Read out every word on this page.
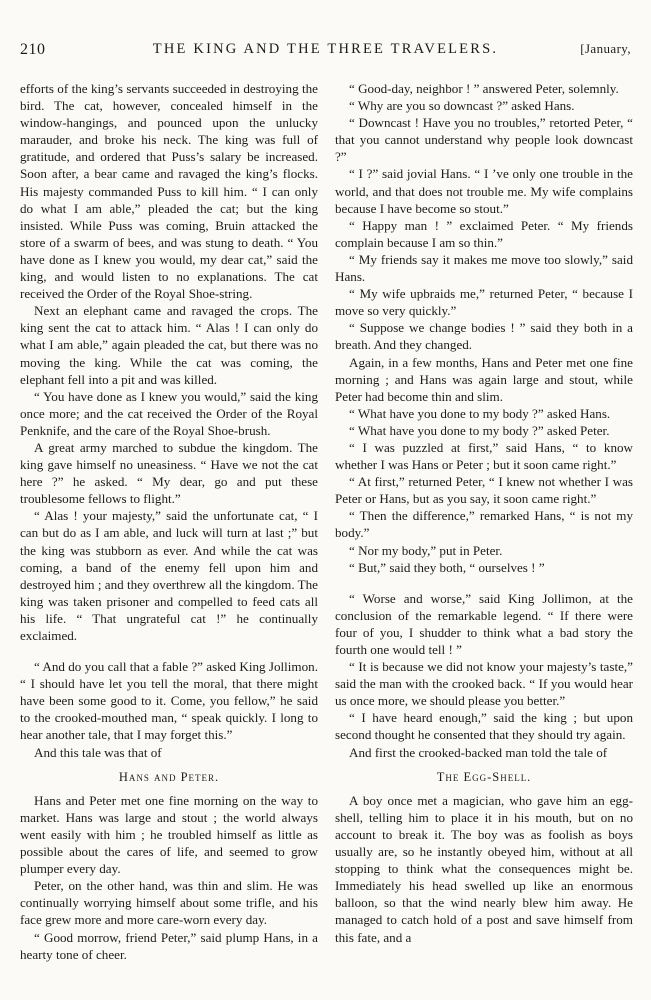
210	THE KING AND THE THREE TRAVELERS.	[January,

efforts of the king’s servants succeeded in destroying the bird. The cat, however, concealed himself in the window-hangings, and pounced upon the unlucky marauder, and broke his neck. The king was full of gratitude, and ordered that Puss’s salary be increased. Soon after, a bear came and ravaged the king’s flocks. His majesty commanded Puss to kill him. “ I can only do what I am able,” pleaded the cat; but the king insisted. While Puss was coming, Bruin attacked the store of a swarm of bees, and was stung to death. “ You have done as I knew you would, my dear cat,” said the king, and would listen to no explanations. The cat received the Order of the Royal Shoe-string.

Next an elephant came and ravaged the crops. The king sent the cat to attack him. “ Alas ! I can only do what I am able,” again pleaded the cat, but there was no moving the king. While the cat was coming, the elephant fell into a pit and was killed.

“ You have done as I knew you would,” said the king once more; and the cat received the Order of the Royal Penknife, and the care of the Royal Shoe-brush.

A great army marched to subdue the kingdom. The king gave himself no uneasiness. “ Have we not the cat here ?” he asked. “ My dear, go and put these troublesome fellows to flight.”

“ Alas ! your majesty,” said the unfortunate cat, “ I can but do as I am able, and luck will turn at last ;” but the king was stubborn as ever. And while the cat was coming, a band of the enemy fell upon him and destroyed him ; and they overthrew all the kingdom. The king was taken prisoner and compelled to feed cats all his life. “ That ungrateful cat !” he continually exclaimed.

“ And do you call that a fable ?” asked King Jollimon. “ I should have let you tell the moral, that there might have been some good to it. Come, you fellow,” he said to the crooked-mouthed man, “ speak quickly. I long to hear another tale, that I may forget this.”

And this tale was that of

Hans and Peter.

Hans and Peter met one fine morning on the way to market. Hans was large and stout ; the world always went easily with him ; he troubled himself as little as possible about the cares of life, and seemed to grow plumper every day.

Peter, on the other hand, was thin and slim. He was continually worrying himself about some trifle, and his face grew more and more care-worn every day.

“ Good morrow, friend Peter,” said plump Hans, in a hearty tone of cheer.

“ Good-day, neighbor ! ” answered Peter, solemnly.

“ Why are you so downcast ?” asked Hans.

“ Downcast ! Have you no troubles,” retorted Peter, “ that you cannot understand why people look downcast ?”

“ I ?” said jovial Hans. “ I ’ve only one trouble in the world, and that does not trouble me. My wife complains because I have become so stout.”

“ Happy man ! ” exclaimed Peter. “ My friends complain because I am so thin.”

“ My friends say it makes me move too slowly,” said Hans.

“ My wife upbraids me,” returned Peter, “ because I move so very quickly.”

“ Suppose we change bodies ! ” said they both in a breath. And they changed.

Again, in a few months, Hans and Peter met one fine morning ; and Hans was again large and stout, while Peter had become thin and slim.

“ What have you done to my body ?” asked Hans.

“ What have you done to my body ?” asked Peter.

“ I was puzzled at first,” said Hans, “ to know whether I was Hans or Peter ; but it soon came right.”

“ At first,” returned Peter, “ I knew not whether I was Peter or Hans, but as you say, it soon came right.”

“ Then the difference,” remarked Hans, “ is not my body.”

“ Nor my body,” put in Peter.

“ But,” said they both, “ ourselves ! ”

“ Worse and worse,” said King Jollimon, at the conclusion of the remarkable legend. “ If there were four of you, I shudder to think what a bad story the fourth one would tell ! ”

“ It is because we did not know your majesty’s taste,” said the man with the crooked back. “ If you would hear us once more, we should please you better.”

“ I have heard enough,” said the king ; but upon second thought he consented that they should try again.

And first the crooked-backed man told the tale of

The Egg-Shell.

A boy once met a magician, who gave him an egg-shell, telling him to place it in his mouth, but on no account to break it. The boy was as foolish as boys usually are, so he instantly obeyed him, without at all stopping to think what the consequences might be. Immediately his head swelled up like an enormous balloon, so that the wind nearly blew him away. He managed to catch hold of a post and save himself from this fate, and a
